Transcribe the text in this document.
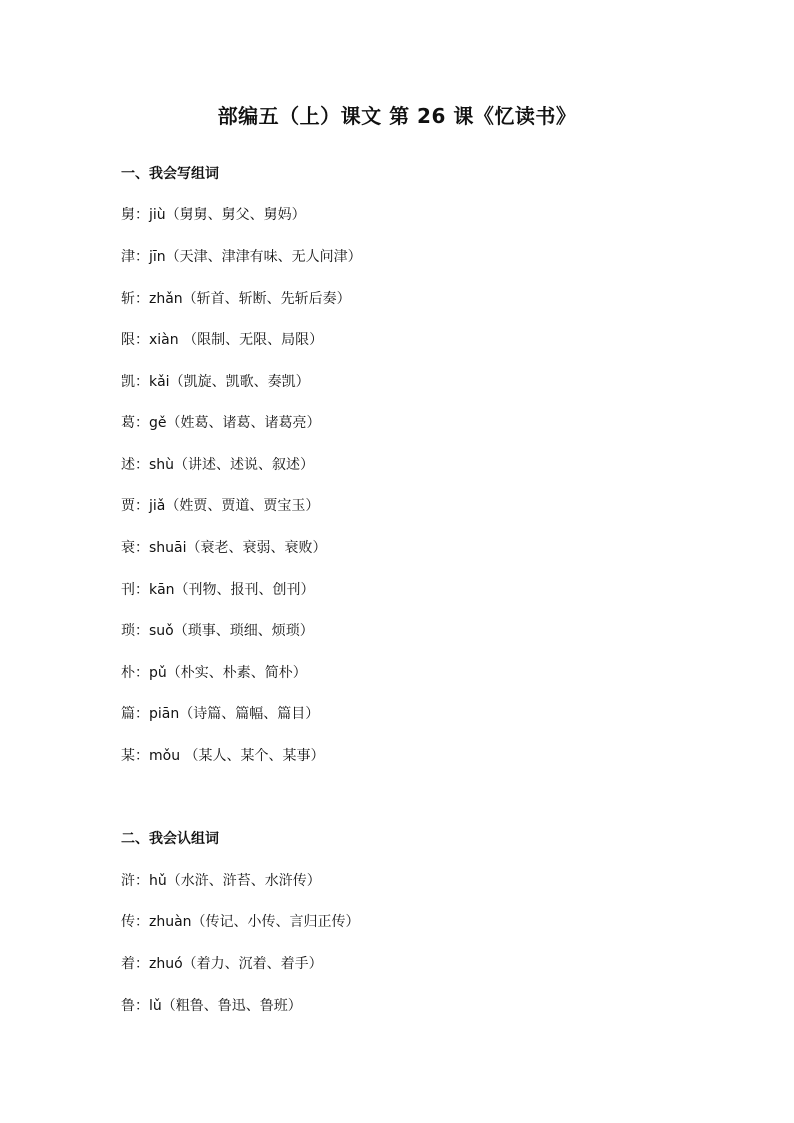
部编五（上）课文 第 26 课《忆读书》
一、我会写组词
舅：jiù（舅舅、舅父、舅妈）
津：jīn（天津、津津有味、无人问津）
斩：zhǎn（斩首、斩断、先斩后奏）
限：xiàn （限制、无限、局限）
凯：kǎi（凯旋、凯歌、奏凯）
葛：gě（姓葛、诸葛、诸葛亮）
述：shù（讲述、述说、叙述）
贾：jiǎ（姓贾、贾道、贾宝玉）
衰：shuāi（衰老、衰弱、衰败）
刊：kān（刊物、报刊、创刊）
琐：suǒ（琐事、琐细、烦琐）
朴：pǔ（朴实、朴素、简朴）
篇：piān（诗篇、篇幅、篇目）
某：mǒu （某人、某个、某事）
二、我会认组词
浒：hǔ（水浒、浒苔、水浒传）
传：zhuàn（传记、小传、言归正传）
着：zhuó（着力、沉着、着手）
鲁：lǔ（粗鲁、鲁迅、鲁班）
